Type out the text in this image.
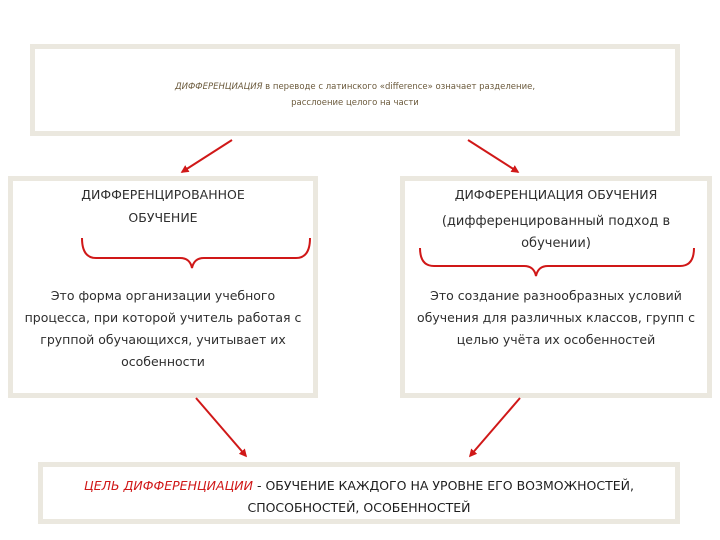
ДИФФЕРЕНЦИАЦИЯ в переводе с латинского «difference» означает разделение,
расслоение целого на части
ДИФФЕРЕНЦИРОВАННОЕ ОБУЧЕНИЕ
Это форма организации учебного процесса, при которой учитель работая с группой обучающихся, учитывает их особенности
ДИФФЕРЕНЦИАЦИЯ ОБУЧЕНИЯ
(дифференцированный подход в обучении)
Это создание разнообразных условий обучения для различных классов, групп с целью учёта их особенностей
ЦЕЛЬ ДИФФЕРЕНЦИАЦИИ - ОБУЧЕНИЕ КАЖДОГО НА УРОВНЕ ЕГО ВОЗМОЖНОСТЕЙ, СПОСОБНОСТЕЙ, ОСОБЕННОСТЕЙ
